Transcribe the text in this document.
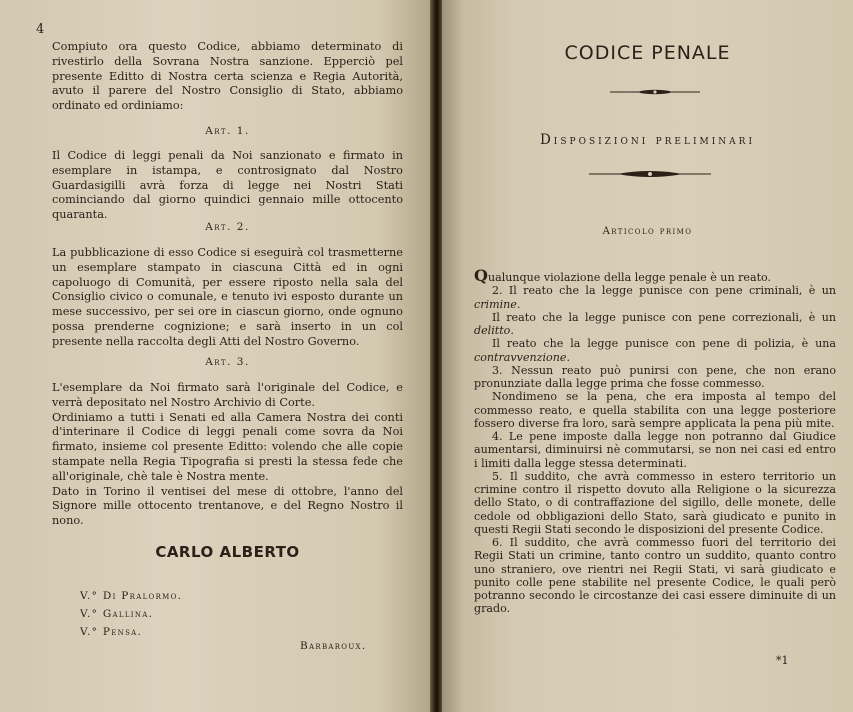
4

Compiuto ora questo Codice, abbiamo determinato di rivestirlo della Sovrana Nostra sanzione. Epperciò pel presente Editto di Nostra certa scienza e Regia Autorità, avuto il parere del Nostro Consiglio di Stato, abbiamo ordinato ed ordiniamo:

Art. 1.

Il Codice di leggi penali da Noi sanzionato e firmato in esemplare in istampa, e controsignato dal Nostro Guardasigilli avrà forza di legge nei Nostri Stati cominciando dal giorno quindici gennaio mille ottocento quaranta.

Art. 2.

La pubblicazione di esso Codice si eseguirà col trasmetterne un esemplare stampato in ciascuna Città ed in ogni capoluogo di Comunità, per essere riposto nella sala del Consiglio civico o comunale, e tenuto ivi esposto durante un mese successivo, per sei ore in ciascun giorno, onde ognuno possa prenderne cognizione; e sarà inserto in un col presente nella raccolta degli Atti del Nostro Governo.

Art. 3.

L'esemplare da Noi firmato sarà l'originale del Codice, e verrà depositato nel Nostro Archivio di Corte.

Ordiniamo a tutti i Senati ed alla Camera Nostra dei conti d'interinare il Codice di leggi penali come sovra da Noi firmato, insieme col presente Editto: volendo che alle copie stampate nella Regia Tipografia si presti la stessa fede che all'originale, chè tale è Nostra mente.

Dato in Torino il ventisei del mese di ottobre, l'anno del Signore mille ottocento trentanove, e del Regno Nostro il nono.

CARLO ALBERTO
V.° Di Pralormo.
V.° Gallina.
V.° Pensa.
Barbaroux.
CODICE PENALE
Disposizioni preliminari
Articolo primo

Qualunque violazione della legge penale è un reato.

2. Il reato che la legge punisce con pene criminali, è un crimine.

Il reato che la legge punisce con pene correzionali, è un delitto.

Il reato che la legge punisce con pene di polizia, è una contravvenzione.

3. Nessun reato può punirsi con pene, che non erano pronunziate dalla legge prima che fosse commesso.

Nondimeno se la pena, che era imposta al tempo del commesso reato, e quella stabilita con una legge posteriore fossero diverse fra loro, sarà sempre applicata la pena più mite.

4. Le pene imposte dalla legge non potranno dal Giudice aumentarsi, diminuirsi nè commutarsi, se non nei casi ed entro i limiti dalla legge stessa determinati.

5. Il suddito, che avrà commesso in estero territorio un crimine contro il rispetto dovuto alla Religione o la sicurezza dello Stato, o di contraffazione del sigillo, delle monete, delle cedole od obbligazioni dello Stato, sarà giudicato e punito in questi Regii Stati secondo le disposizioni del presente Codice.

6. Il suddito, che avrà commesso fuori del territorio dei Regii Stati un crimine, tanto contro un suddito, quanto contro uno straniero, ove rientri nei Regii Stati, vi sarà giudicato e punito colle pene stabilite nel presente Codice, le quali però potranno secondo le circostanze dei casi essere diminuite di un grado.

*1
